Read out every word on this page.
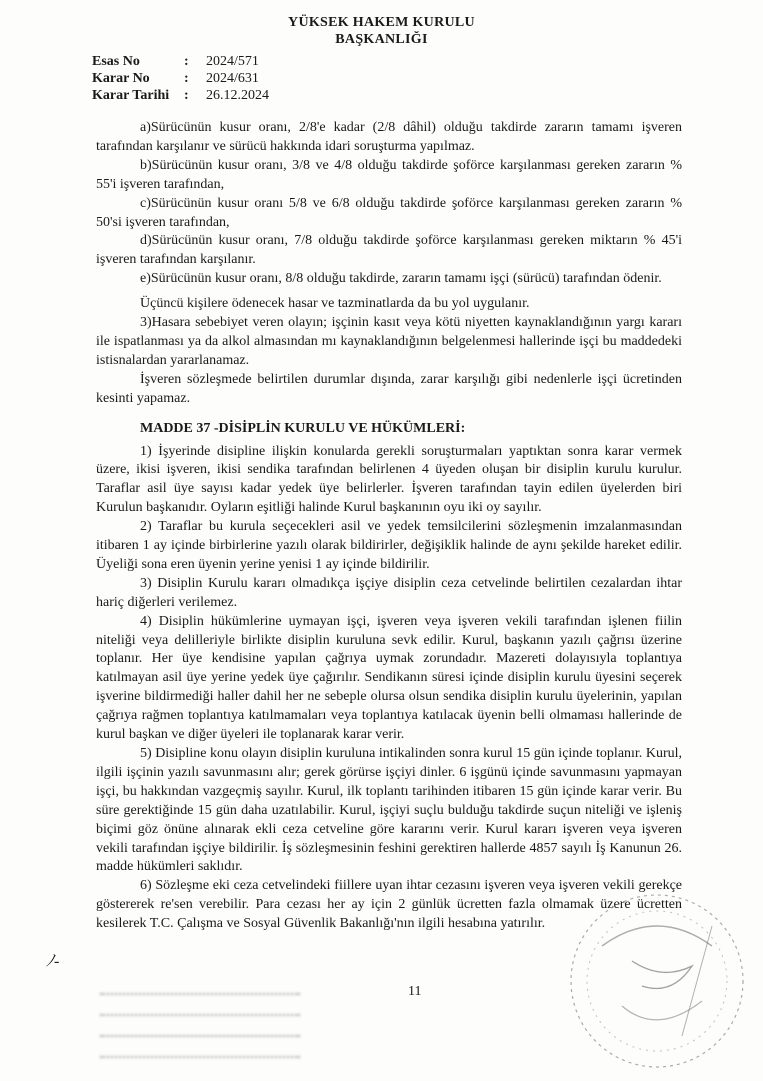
YÜKSEK HAKEM KURULU
BAŞKANLIĞI
Esas No	:	2024/571
Karar No	:	2024/631
Karar Tarihi	:	26.12.2024

a)Sürücünün kusur oranı, 2/8'e kadar (2/8 dâhil) olduğu takdirde zararın tamamı işveren tarafından karşılanır ve sürücü hakkında idari soruşturma yapılmaz.

b)Sürücünün kusur oranı, 3/8 ve 4/8 olduğu takdirde şoförce karşılanması gereken zararın % 55'i işveren tarafından,

c)Sürücünün kusur oranı 5/8 ve 6/8 olduğu takdirde şoförce karşılanması gereken zararın % 50'si işveren tarafından,

d)Sürücünün kusur oranı, 7/8 olduğu takdirde şoförce karşılanması gereken miktarın % 45'i işveren tarafından karşılanır.

e)Sürücünün kusur oranı, 8/8 olduğu takdirde, zararın tamamı işçi (sürücü) tarafından ödenir.

Üçüncü kişilere ödenecek hasar ve tazminatlarda da bu yol uygulanır.

3)Hasara sebebiyet veren olayın; işçinin kasıt veya kötü niyetten kaynaklandığının yargı kararı ile ispatlanması ya da alkol almasından mı kaynaklandığının belgelenmesi hallerinde işçi bu maddedeki istisnalardan yararlanamaz.

İşveren sözleşmede belirtilen durumlar dışında, zarar karşılığı gibi nedenlerle işçi ücretinden kesinti yapamaz.

MADDE 37 -DİSİPLİN KURULU VE HÜKÜMLERİ:

1) İşyerinde disipline ilişkin konularda gerekli soruşturmaları yaptıktan sonra karar vermek üzere, ikisi işveren, ikisi sendika tarafından belirlenen 4 üyeden oluşan bir disiplin kurulu kurulur. Taraflar asil üye sayısı kadar yedek üye belirlerler. İşveren tarafından tayin edilen üyelerden biri Kurulun başkanıdır. Oyların eşitliği halinde Kurul başkanının oyu iki oy sayılır.

2) Taraflar bu kurula seçecekleri asil ve yedek temsilcilerini sözleşmenin imzalanmasından itibaren 1 ay içinde birbirlerine yazılı olarak bildirirler, değişiklik halinde de aynı şekilde hareket edilir. Üyeliği sona eren üyenin yerine yenisi 1 ay içinde bildirilir.

3) Disiplin Kurulu kararı olmadıkça işçiye disiplin ceza cetvelinde belirtilen cezalardan ihtar hariç diğerleri verilemez.

4) Disiplin hükümlerine uymayan işçi, işveren veya işveren vekili tarafından işlenen fiilin niteliği veya delilleriyle birlikte disiplin kuruluna sevk edilir. Kurul, başkanın yazılı çağrısı üzerine toplanır. Her üye kendisine yapılan çağrıya uymak zorundadır. Mazereti dolayısıyla toplantıya katılmayan asil üye yerine yedek üye çağırılır. Sendikanın süresi içinde disiplin kurulu üyesini seçerek işverine bildirmediği haller dahil her ne sebeple olursa olsun sendika disiplin kurulu üyelerinin, yapılan çağrıya rağmen toplantıya katılmamaları veya toplantıya katılacak üyenin belli olmaması hallerinde de kurul başkan ve diğer üyeleri ile toplanarak karar verir.

5) Disipline konu olayın disiplin kuruluna intikalinden sonra kurul 15 gün içinde toplanır. Kurul, ilgili işçinin yazılı savunmasını alır; gerek görürse işçiyi dinler. 6 işgünü içinde savunmasını yapmayan işçi, bu hakkından vazgeçmiş sayılır. Kurul, ilk toplantı tarihinden itibaren 15 gün içinde karar verir. Bu süre gerektiğinde 15 gün daha uzatılabilir. Kurul, işçiyi suçlu bulduğu takdirde suçun niteliği ve işleniş biçimi göz önüne alınarak ekli ceza cetveline göre kararını verir. Kurul kararı işveren veya işveren vekili tarafından işçiye bildirilir. İş sözleşmesinin feshini gerektiren hallerde 4857 sayılı İş Kanunun 26. madde hükümleri saklıdır.

6) Sözleşme eki ceza cetvelindeki fiillere uyan ihtar cezasını işveren veya işveren vekili gerekçe göstererek re'sen verebilir. Para cezası her ay için 2 günlük ücretten fazla olmamak üzere ücretten kesilerek T.C. Çalışma ve Sosyal Güvenlik Bakanlığı'nın ilgili hesabına yatırılır.

ﾉ-
11
